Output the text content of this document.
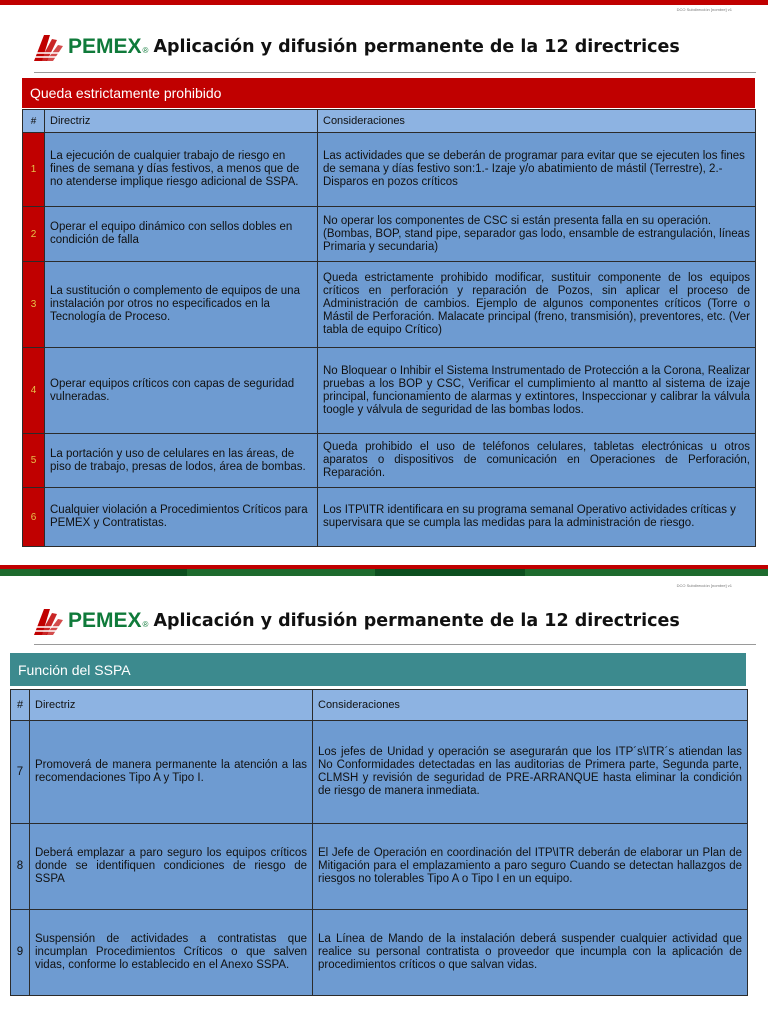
DCO Subdirección [nombre] v1
PEMEX ® Aplicación y difusión permanente de la 12 directrices
Queda estrictamente prohibido
#	Directriz	Consideraciones
1	La ejecución de cualquier trabajo de riesgo en fines de semana y días festivos, a menos que de no atenderse implique riesgo adicional de SSPA.	Las actividades que se deberán de programar para evitar que se ejecuten los fines de semana y días festivo son:1.- Izaje y/o abatimiento de mástil (Terrestre), 2.- Disparos en pozos críticos
2	Operar el equipo dinámico con sellos dobles en condición de falla	No operar los componentes de CSC si están presenta falla en su operación. (Bombas, BOP, stand pipe, separador gas lodo, ensamble de estrangulación, líneas Primaria y secundaria)
3	La sustitución o complemento de equipos de una instalación por otros no especificados en la Tecnología de Proceso.	Queda estrictamente prohibido modificar, sustituir componente de los equipos críticos en perforación y reparación de Pozos, sin aplicar el proceso de Administración de cambios. Ejemplo de algunos componentes críticos (Torre o Mástil de Perforación. Malacate principal (freno, transmisión), preventores, etc. (Ver tabla de equipo Crítico)
4	Operar equipos críticos con capas de seguridad vulneradas.	No Bloquear o Inhibir el Sistema Instrumentado de Protección a la Corona, Realizar pruebas a los BOP y CSC, Verificar el cumplimiento al mantto al sistema de izaje principal, funcionamiento de alarmas y extintores, Inspeccionar y calibrar la válvula toogle y válvula de seguridad de las bombas lodos.
5	La portación y uso de celulares en las áreas, de piso de trabajo, presas de lodos, área de bombas.	Queda prohibido el uso de teléfonos celulares, tabletas electrónicas u otros aparatos o dispositivos de comunicación en Operaciones de Perforación, Reparación.
6	Cualquier violación a Procedimientos Críticos para PEMEX y Contratistas.	Los ITP\ITR identificara en su programa semanal Operativo actividades críticas y supervisara que se cumpla las medidas para la administración de riesgo.
DCO Subdirección [nombre] v1
PEMEX ® Aplicación y difusión permanente de la 12 directrices
Función del SSPA
#	Directriz	Consideraciones
7	Promoverá de manera permanente la atención a las recomendaciones Tipo A y Tipo I.	Los jefes de Unidad y operación se asegurarán que los ITP´s\ITR´s atiendan las No Conformidades detectadas en las auditorias de Primera parte, Segunda parte, CLMSH y revisión de seguridad de PRE-ARRANQUE hasta eliminar la condición de riesgo de manera inmediata.
8	Deberá emplazar a paro seguro los equipos críticos donde se identifiquen condiciones de riesgo de SSPA	El Jefe de Operación en coordinación del ITP\ITR deberán de elaborar un Plan de Mitigación para el emplazamiento a paro seguro Cuando se detectan hallazgos de riesgos no tolerables Tipo A o Tipo I en un equipo.
9	Suspensión de actividades a contratistas que incumplan Procedimientos Críticos o que salven vidas, conforme lo establecido en el Anexo SSPA.	La Línea de Mando de la instalación deberá suspender cualquier actividad que realice su personal contratista o proveedor que incumpla con la aplicación de procedimientos críticos o que salvan vidas.
